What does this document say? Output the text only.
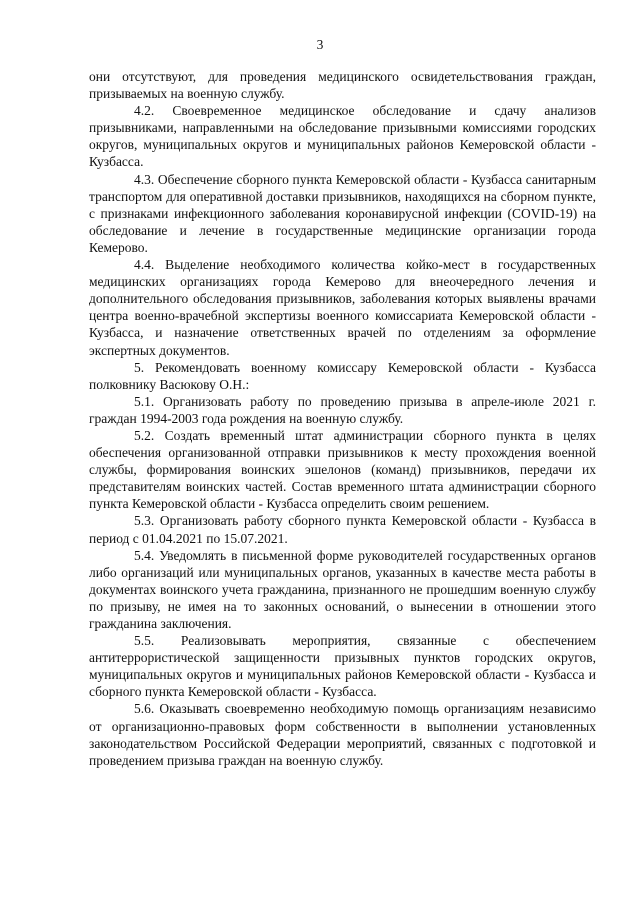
3

они отсутствуют, для проведения медицинского освидетельствования граждан, призываемых на военную службу.

4.2. Своевременное медицинское обследование и сдачу анализов призывниками, направленными на обследование призывными комиссиями городских округов, муниципальных округов и муниципальных районов Кемеровской области - Кузбасса.

4.3. Обеспечение сборного пункта Кемеровской области - Кузбасса санитарным транспортом для оперативной доставки призывников, находящихся на сборном пункте, с признаками инфекционного заболевания коронавирусной инфекции (COVID-19) на обследование и лечение в государственные медицинские организации города Кемерово.

4.4. Выделение необходимого количества койко-мест в государственных медицинских организациях города Кемерово для внеочередного лечения и дополнительного обследования призывников, заболевания которых выявлены врачами центра военно-врачебной экспертизы военного комиссариата Кемеровской области - Кузбасса, и назначение ответственных врачей по отделениям за оформление экспертных документов.

5. Рекомендовать военному комиссару Кемеровской области - Кузбасса полковнику Васюкову О.Н.:

5.1. Организовать работу по проведению призыва в апреле-июле 2021 г. граждан 1994-2003 года рождения на военную службу.

5.2. Создать временный штат администрации сборного пункта в целях обеспечения организованной отправки призывников к месту прохождения военной службы, формирования воинских эшелонов (команд) призывников, передачи их представителям воинских частей. Состав временного штата администрации сборного пункта Кемеровской области - Кузбасса определить своим решением.

5.3. Организовать работу сборного пункта Кемеровской области - Кузбасса в период с 01.04.2021 по 15.07.2021.

5.4. Уведомлять в письменной форме руководителей государственных органов либо организаций или муниципальных органов, указанных в качестве места работы в документах воинского учета гражданина, признанного не прошедшим военную службу по призыву, не имея на то законных оснований, о вынесении в отношении этого гражданина заключения.

5.5. Реализовывать мероприятия, связанные с обеспечением антитеррористической защищенности призывных пунктов городских округов, муниципальных округов и муниципальных районов Кемеровской области - Кузбасса и сборного пункта Кемеровской области - Кузбасса.

5.6. Оказывать своевременно необходимую помощь организациям независимо от организационно-правовых форм собственности в выполнении установленных законодательством Российской Федерации мероприятий, связанных с подготовкой и проведением призыва граждан на военную службу.
